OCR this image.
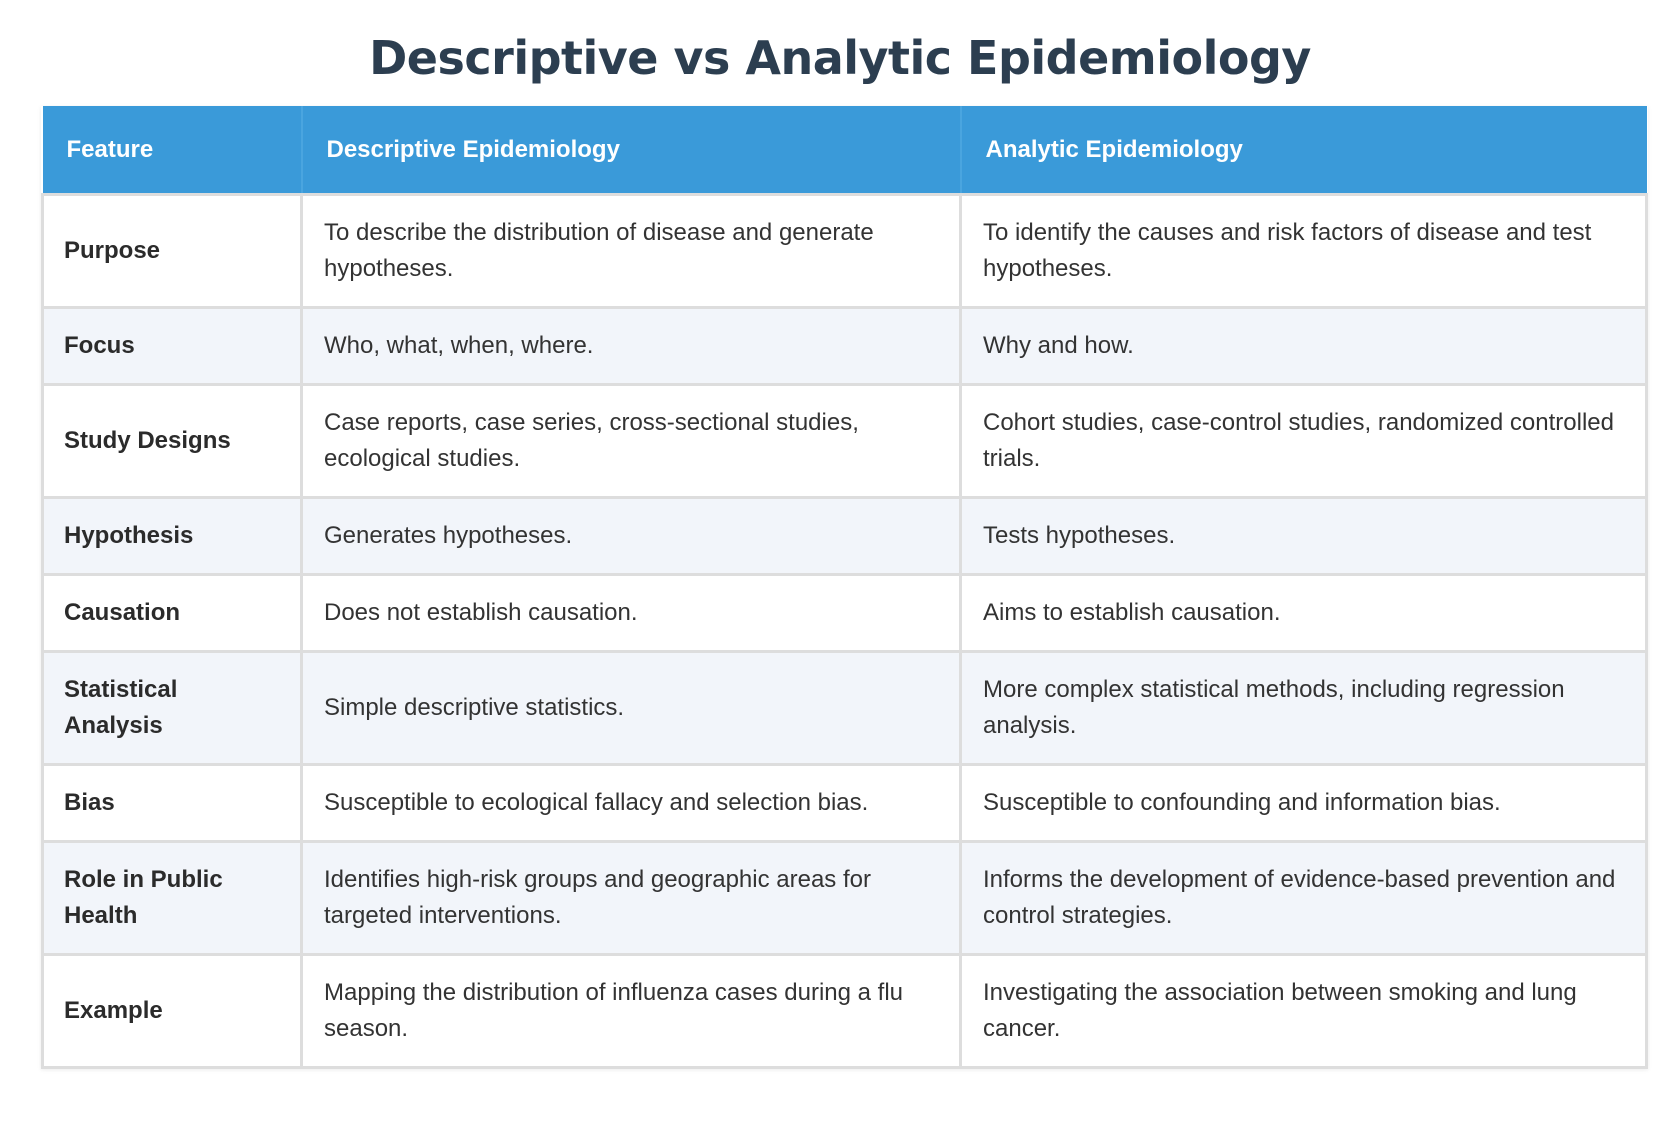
Descriptive vs Analytic Epidemiology
Feature	Descriptive Epidemiology	Analytic Epidemiology
Purpose	To describe the distribution of disease and generate hypotheses.	To identify the causes and risk factors of disease and test hypotheses.
Focus	Who, what, when, where.	Why and how.
Study Designs	Case reports, case series, cross-sectional studies, ecological studies.	Cohort studies, case-control studies, randomized controlled trials.
Hypothesis	Generates hypotheses.	Tests hypotheses.
Causation	Does not establish causation.	Aims to establish causation.
Statistical Analysis	Simple descriptive statistics.	More complex statistical methods, including regression analysis.
Bias	Susceptible to ecological fallacy and selection bias.	Susceptible to confounding and information bias.
Role in Public Health	Identifies high-risk groups and geographic areas for targeted interventions.	Informs the development of evidence-based prevention and control strategies.
Example	Mapping the distribution of influenza cases during a flu season.	Investigating the association between smoking and lung cancer.
